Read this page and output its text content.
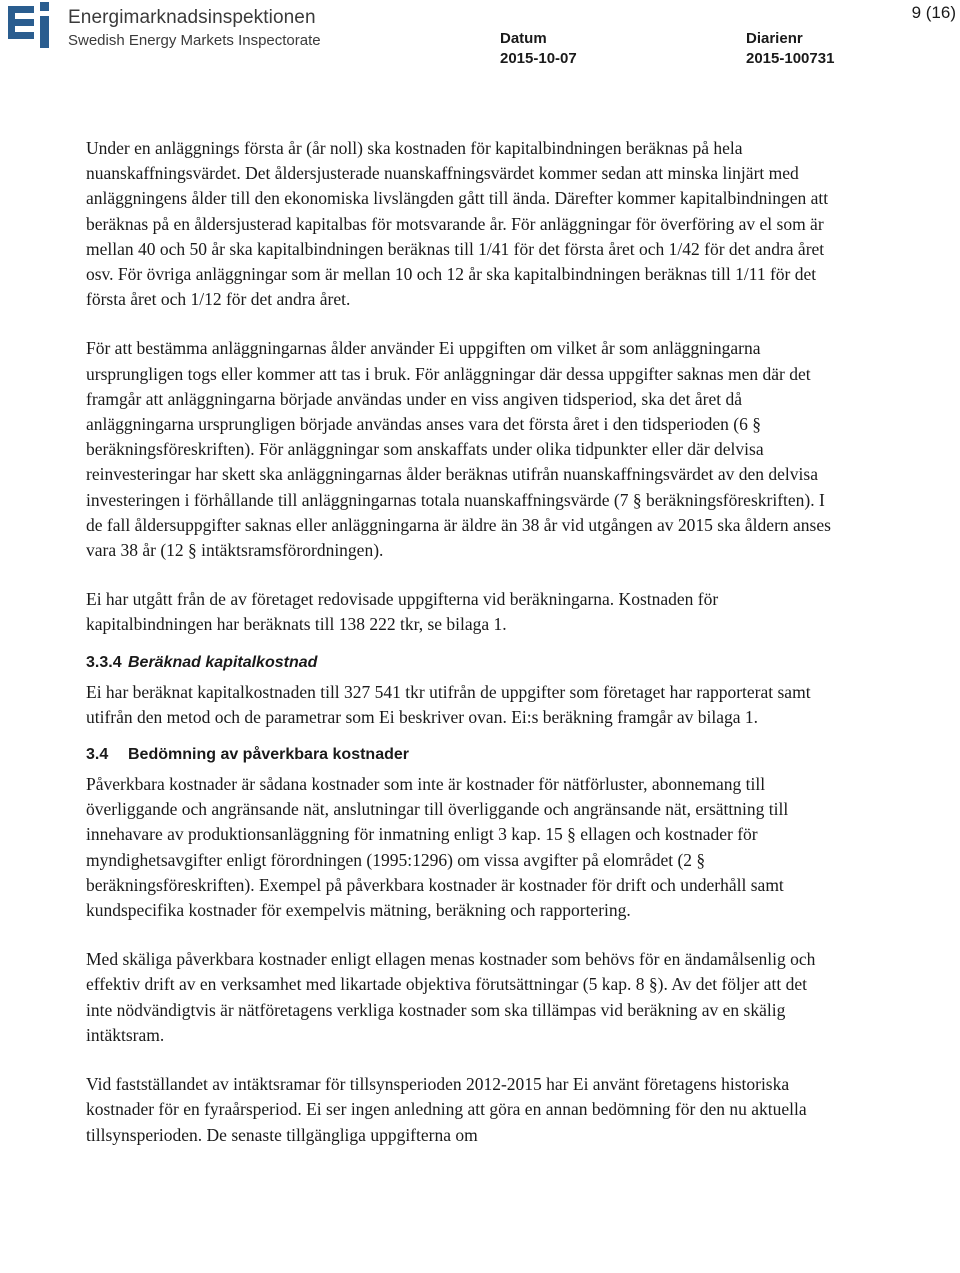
Energimarknadsinspektionen
Swedish Energy Markets Inspectorate	Datum
2015-10-07
Diarienr
2015-100731
9 (16)

Under en anläggnings första år (år noll) ska kostnaden för kapitalbindningen beräknas på hela nuanskaffningsvärdet. Det åldersjusterade nuanskaffningsvärdet kommer sedan att minska linjärt med anläggningens ålder till den ekonomiska livslängden gått till ända. Därefter kommer kapitalbindningen att beräknas på en åldersjusterad kapitalbas för motsvarande år. För anläggningar för överföring av el som är mellan 40 och 50 år ska kapitalbindningen beräknas till 1/41 för det första året och 1/42 för det andra året osv. För övriga anläggningar som är mellan 10 och 12 år ska kapitalbindningen beräknas till 1/11 för det första året och 1/12 för det andra året.

För att bestämma anläggningarnas ålder använder Ei uppgiften om vilket år som anläggningarna ursprungligen togs eller kommer att tas i bruk. För anläggningar där dessa uppgifter saknas men där det framgår att anläggningarna började användas under en viss angiven tidsperiod, ska det året då anläggningarna ursprungligen började användas anses vara det första året i den tidsperioden (6 § beräkningsföreskriften). För anläggningar som anskaffats under olika tidpunkter eller där delvisa reinvesteringar har skett ska anläggningarnas ålder beräknas utifrån nuanskaffningsvärdet av den delvisa investeringen i förhållande till anläggningarnas totala nuanskaffningsvärde (7 § beräkningsföreskriften). I de fall åldersuppgifter saknas eller anläggningarna är äldre än 38 år vid utgången av 2015 ska åldern anses vara 38 år (12 § intäktsramsförordningen).

Ei har utgått från de av företaget redovisade uppgifterna vid beräkningarna. Kostnaden för kapitalbindningen har beräknats till 138 222 tkr, se bilaga 1.

3.3.4 Beräknad kapitalkostnad

Ei har beräknat kapitalkostnaden till 327 541 tkr utifrån de uppgifter som företaget har rapporterat samt utifrån den metod och de parametrar som Ei beskriver ovan. Ei:s beräkning framgår av bilaga 1.

3.4 Bedömning av påverkbara kostnader

Påverkbara kostnader är sådana kostnader som inte är kostnader för nätförluster, abonnemang till överliggande och angränsande nät, anslutningar till överliggande och angränsande nät, ersättning till innehavare av produktionsanläggning för inmatning enligt 3 kap. 15 § ellagen och kostnader för myndighetsavgifter enligt förordningen (1995:1296) om vissa avgifter på elområdet (2 § beräkningsföreskriften). Exempel på påverkbara kostnader är kostnader för drift och underhåll samt kundspecifika kostnader för exempelvis mätning, beräkning och rapportering.

Med skäliga påverkbara kostnader enligt ellagen menas kostnader som behövs för en ändamålsenlig och effektiv drift av en verksamhet med likartade objektiva förutsättningar (5 kap. 8 §). Av det följer att det inte nödvändigtvis är nätföretagens verkliga kostnader som ska tillämpas vid beräkning av en skälig intäktsram.

Vid fastställandet av intäktsramar för tillsynsperioden 2012-2015 har Ei använt företagens historiska kostnader för en fyraårsperiod. Ei ser ingen anledning att göra en annan bedömning för den nu aktuella tillsynsperioden. De senaste tillgängliga uppgifterna om
